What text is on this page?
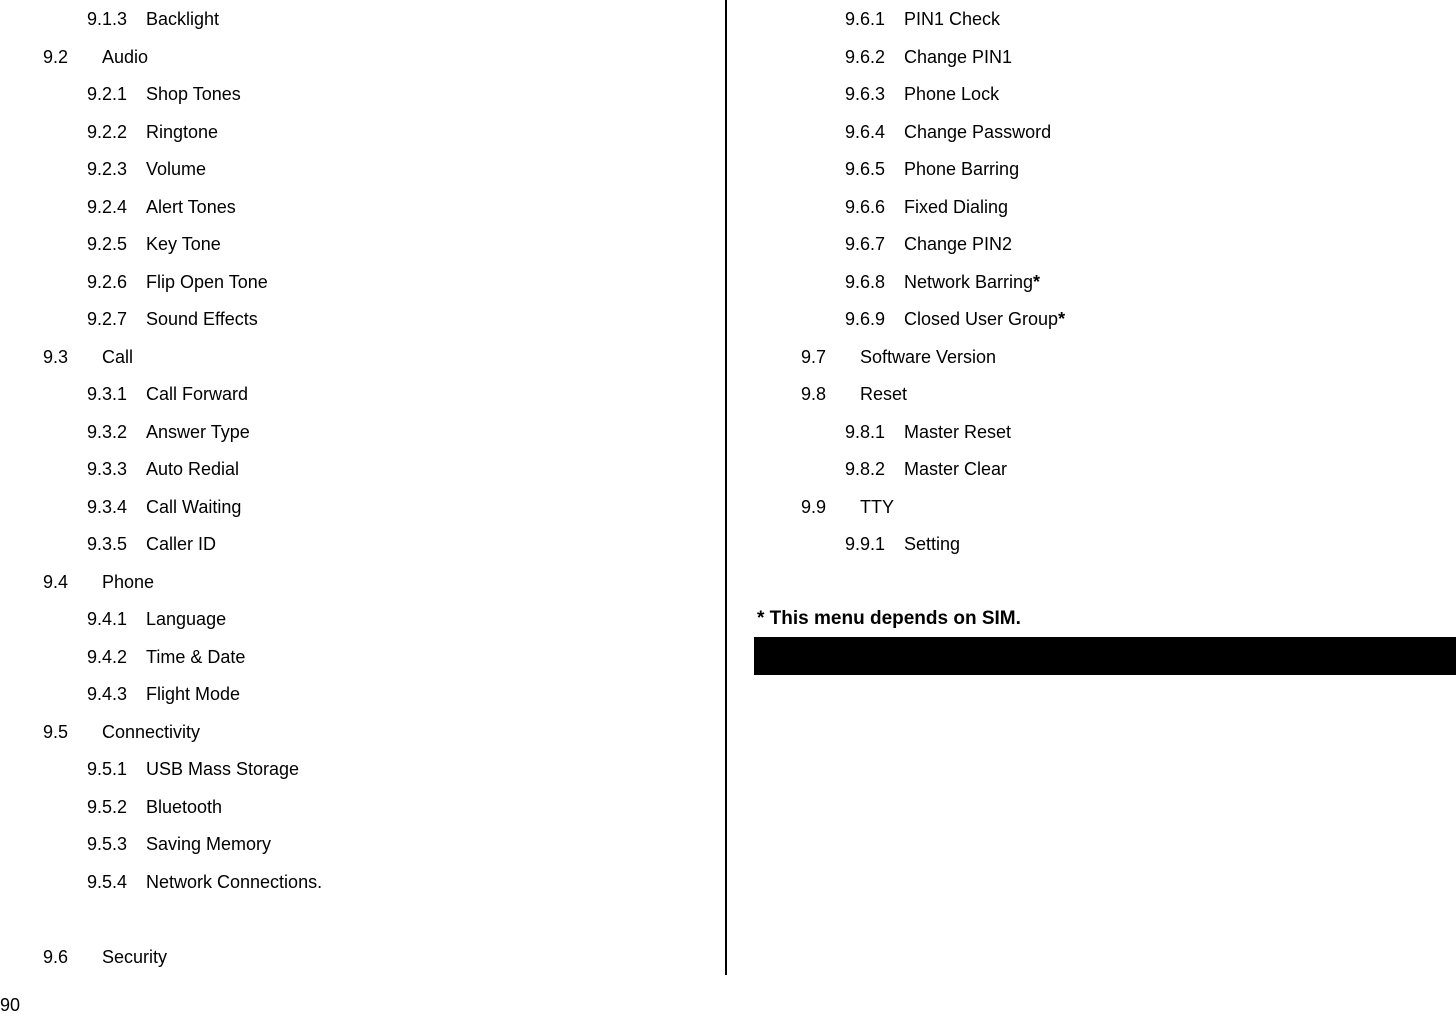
9.1.3 Backlight
9.2 Audio
9.2.1 Shop Tones
9.2.2 Ringtone
9.2.3 Volume
9.2.4 Alert Tones
9.2.5 Key Tone
9.2.6 Flip Open Tone
9.2.7 Sound Effects
9.3 Call
9.3.1 Call Forward
9.3.2 Answer Type
9.3.3 Auto Redial
9.3.4 Call Waiting
9.3.5 Caller ID
9.4 Phone
9.4.1 Language
9.4.2 Time & Date
9.4.3 Flight Mode
9.5 Connectivity
9.5.1 USB Mass Storage
9.5.2 Bluetooth
9.5.3 Saving Memory
9.5.4 Network Connections.
9.6 Security
9.6.1 PIN1 Check
9.6.2 Change PIN1
9.6.3 Phone Lock
9.6.4 Change Password
9.6.5 Phone Barring
9.6.6 Fixed Dialing
9.6.7 Change PIN2
9.6.8 Network Barring*
9.6.9 Closed User Group*
9.7 Software Version
9.8 Reset
9.8.1 Master Reset
9.8.2 Master Clear
9.9 TTY
9.9.1 Setting
* This menu depends on SIM.
90
